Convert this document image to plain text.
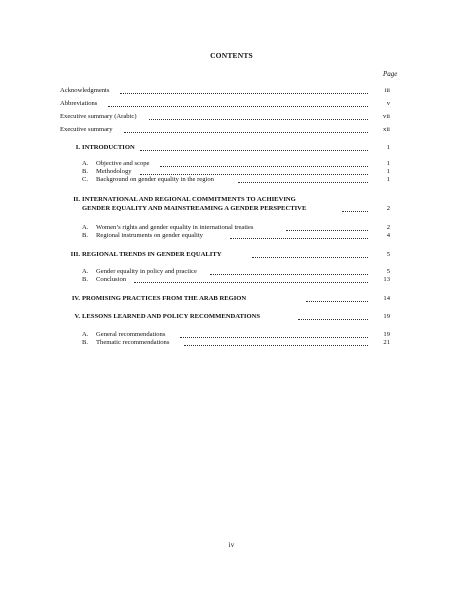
CONTENTS
Page
Acknowledgments	iii
Abbreviations	v
Executive summary (Arabic)	vii
Executive summary	xii
I. INTRODUCTION	1
A. Objective and scope	1
B. Methodology	1
C. Background on gender equality in the region	1
II. INTERNATIONAL AND REGIONAL COMMITMENTS TO ACHIEVING
GENDER EQUALITY AND MAINSTREAMING A GENDER PERSPECTIVE	2
A. Women’s rights and gender equality in international treaties	2
B. Regional instruments on gender equality	4
III. REGIONAL TRENDS IN GENDER EQUALITY	5
A. Gender equality in policy and practice	5
B. Conclusion	13
IV. PROMISING PRACTICES FROM THE ARAB REGION	14
V. LESSONS LEARNED AND POLICY RECOMMENDATIONS	19
A. General recommendations	19
B. Thematic recommendations	21
iv
